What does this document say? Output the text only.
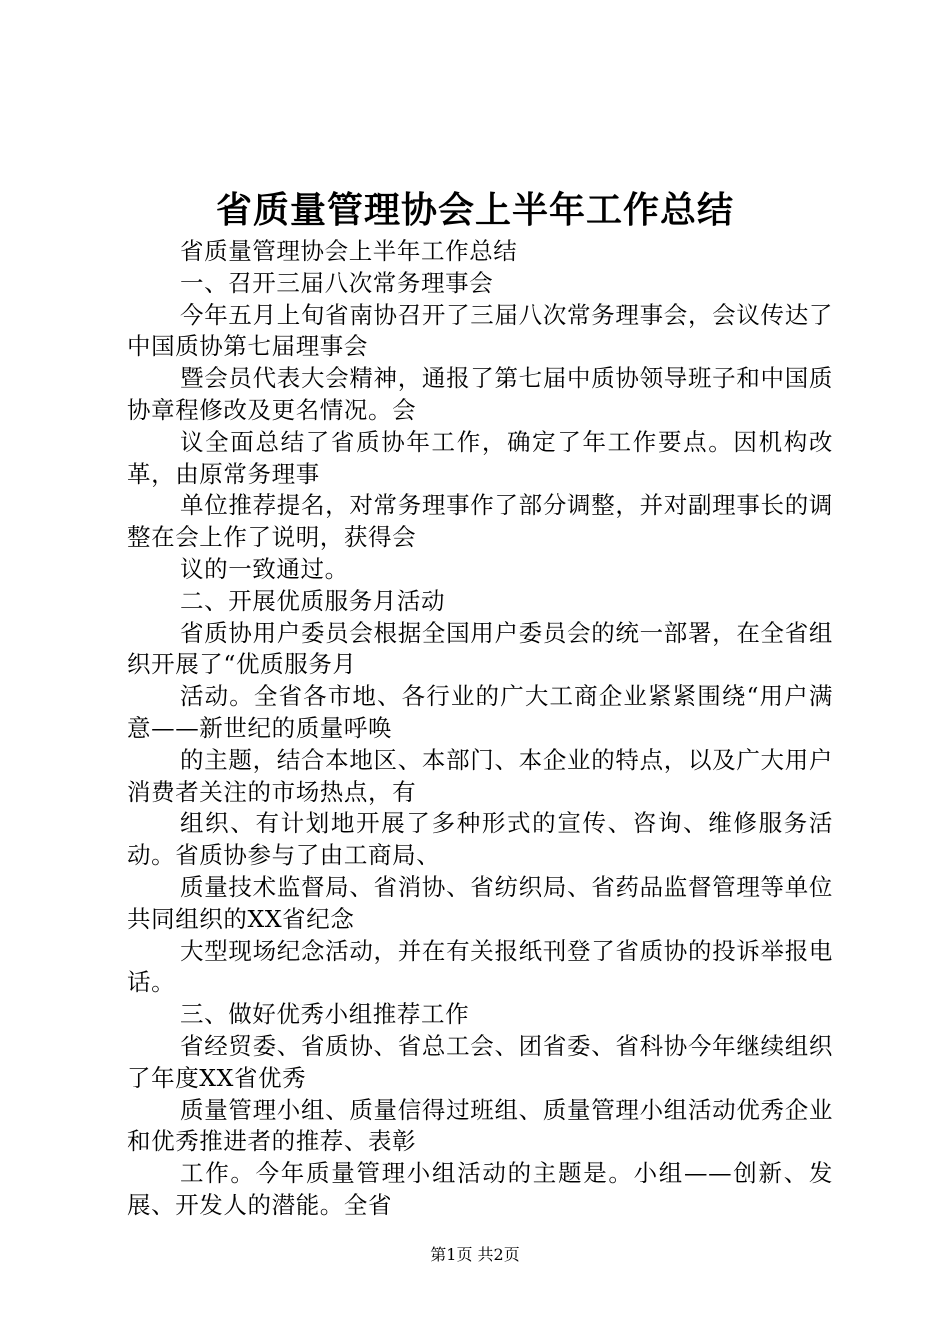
省质量管理协会上半年工作总结

省质量管理协会上半年工作总结

一、召开三届八次常务理事会

今年五月上旬省南协召开了三届八次常务理事会，会议传达了中国质协第七届理事会

暨会员代表大会精神，通报了第七届中质协领导班子和中国质协章程修改及更名情况。会

议全面总结了省质协年工作，确定了年工作要点。因机构改革，由原常务理事

单位推荐提名，对常务理事作了部分调整，并对副理事长的调整在会上作了说明，获得会

议的一致通过。

二、开展优质服务月活动

省质协用户委员会根据全国用户委员会的统一部署，在全省组织开展了“优质服务月

活动。全省各市地、各行业的广大工商企业紧紧围绕“用户满意——新世纪的质量呼唤

的主题，结合本地区、本部门、本企业的特点，以及广大用户消费者关注的市场热点，有

组织、有计划地开展了多种形式的宣传、咨询、维修服务活动。省质协参与了由工商局、

质量技术监督局、省消协、省纺织局、省药品监督管理等单位共同组织的XX省纪念

大型现场纪念活动，并在有关报纸刊登了省质协的投诉举报电话。

三、做好优秀小组推荐工作

省经贸委、省质协、省总工会、团省委、省科协今年继续组织了年度XX省优秀

质量管理小组、质量信得过班组、质量管理小组活动优秀企业和优秀推进者的推荐、表彰

工作。今年质量管理小组活动的主题是。小组——创新、发展、开发人的潜能。全省

第1页 共2页
